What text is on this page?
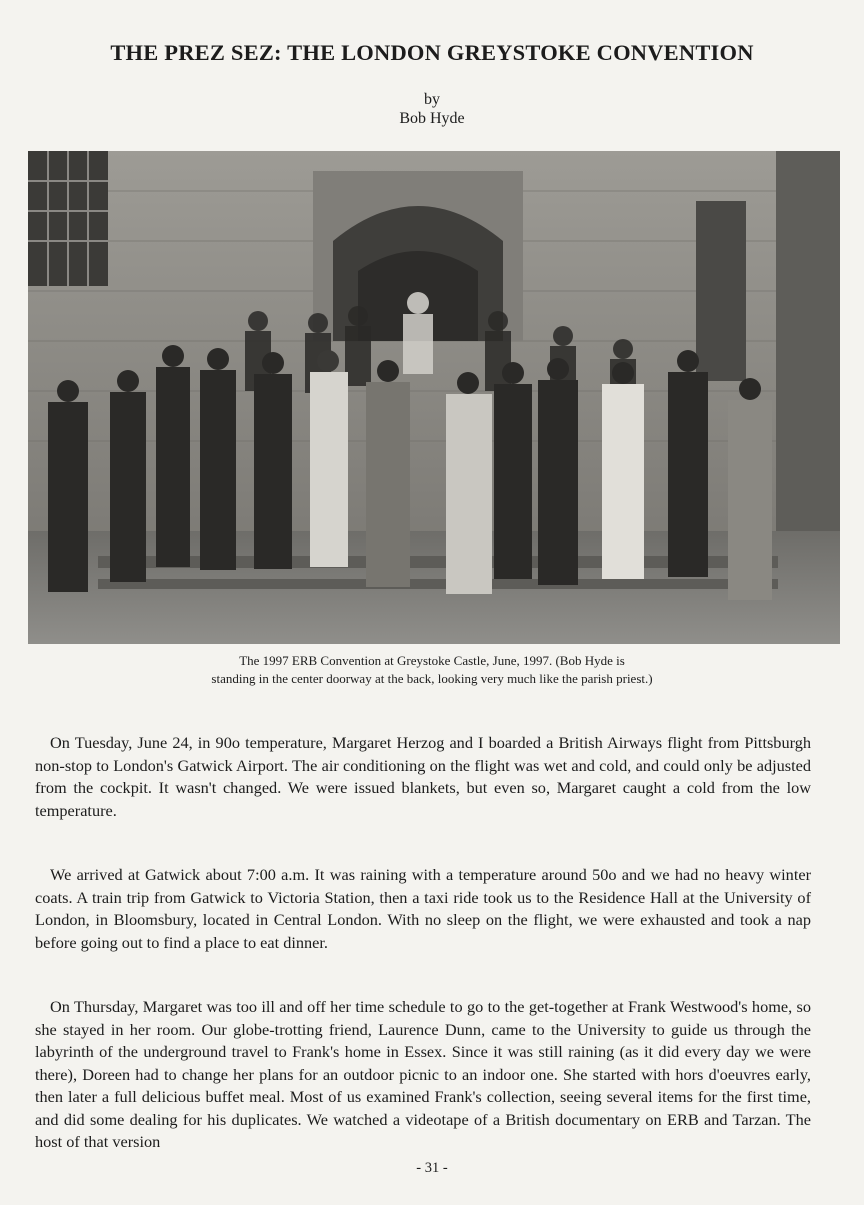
THE PREZ SEZ: THE LONDON GREYSTOKE CONVENTION
by
Bob Hyde
The 1997 ERB Convention at Greystoke Castle, June, 1997. (Bob Hyde is
standing in the center doorway at the back, looking very much like the parish priest.)

On Tuesday, June 24, in 90o temperature, Margaret Herzog and I boarded a British Airways flight from Pittsburgh non-stop to London's Gatwick Airport. The air conditioning on the flight was wet and cold, and could only be adjusted from the cockpit. It wasn't changed. We were issued blankets, but even so, Margaret caught a cold from the low temperature.

We arrived at Gatwick about 7:00 a.m. It was raining with a temperature around 50o and we had no heavy winter coats. A train trip from Gatwick to Victoria Station, then a taxi ride took us to the Residence Hall at the University of London, in Bloomsbury, located in Central London. With no sleep on the flight, we were exhausted and took a nap before going out to find a place to eat dinner.

On Thursday, Margaret was too ill and off her time schedule to go to the get-together at Frank Westwood's home, so she stayed in her room. Our globe-trotting friend, Laurence Dunn, came to the University to guide us through the labyrinth of the underground travel to Frank's home in Essex. Since it was still raining (as it did every day we were there), Doreen had to change her plans for an outdoor picnic to an indoor one. She started with hors d'oeuvres early, then later a full delicious buffet meal. Most of us examined Frank's collection, seeing several items for the first time, and did some dealing for his duplicates. We watched a videotape of a British documentary on ERB and Tarzan. The host of that version

- 31 -
